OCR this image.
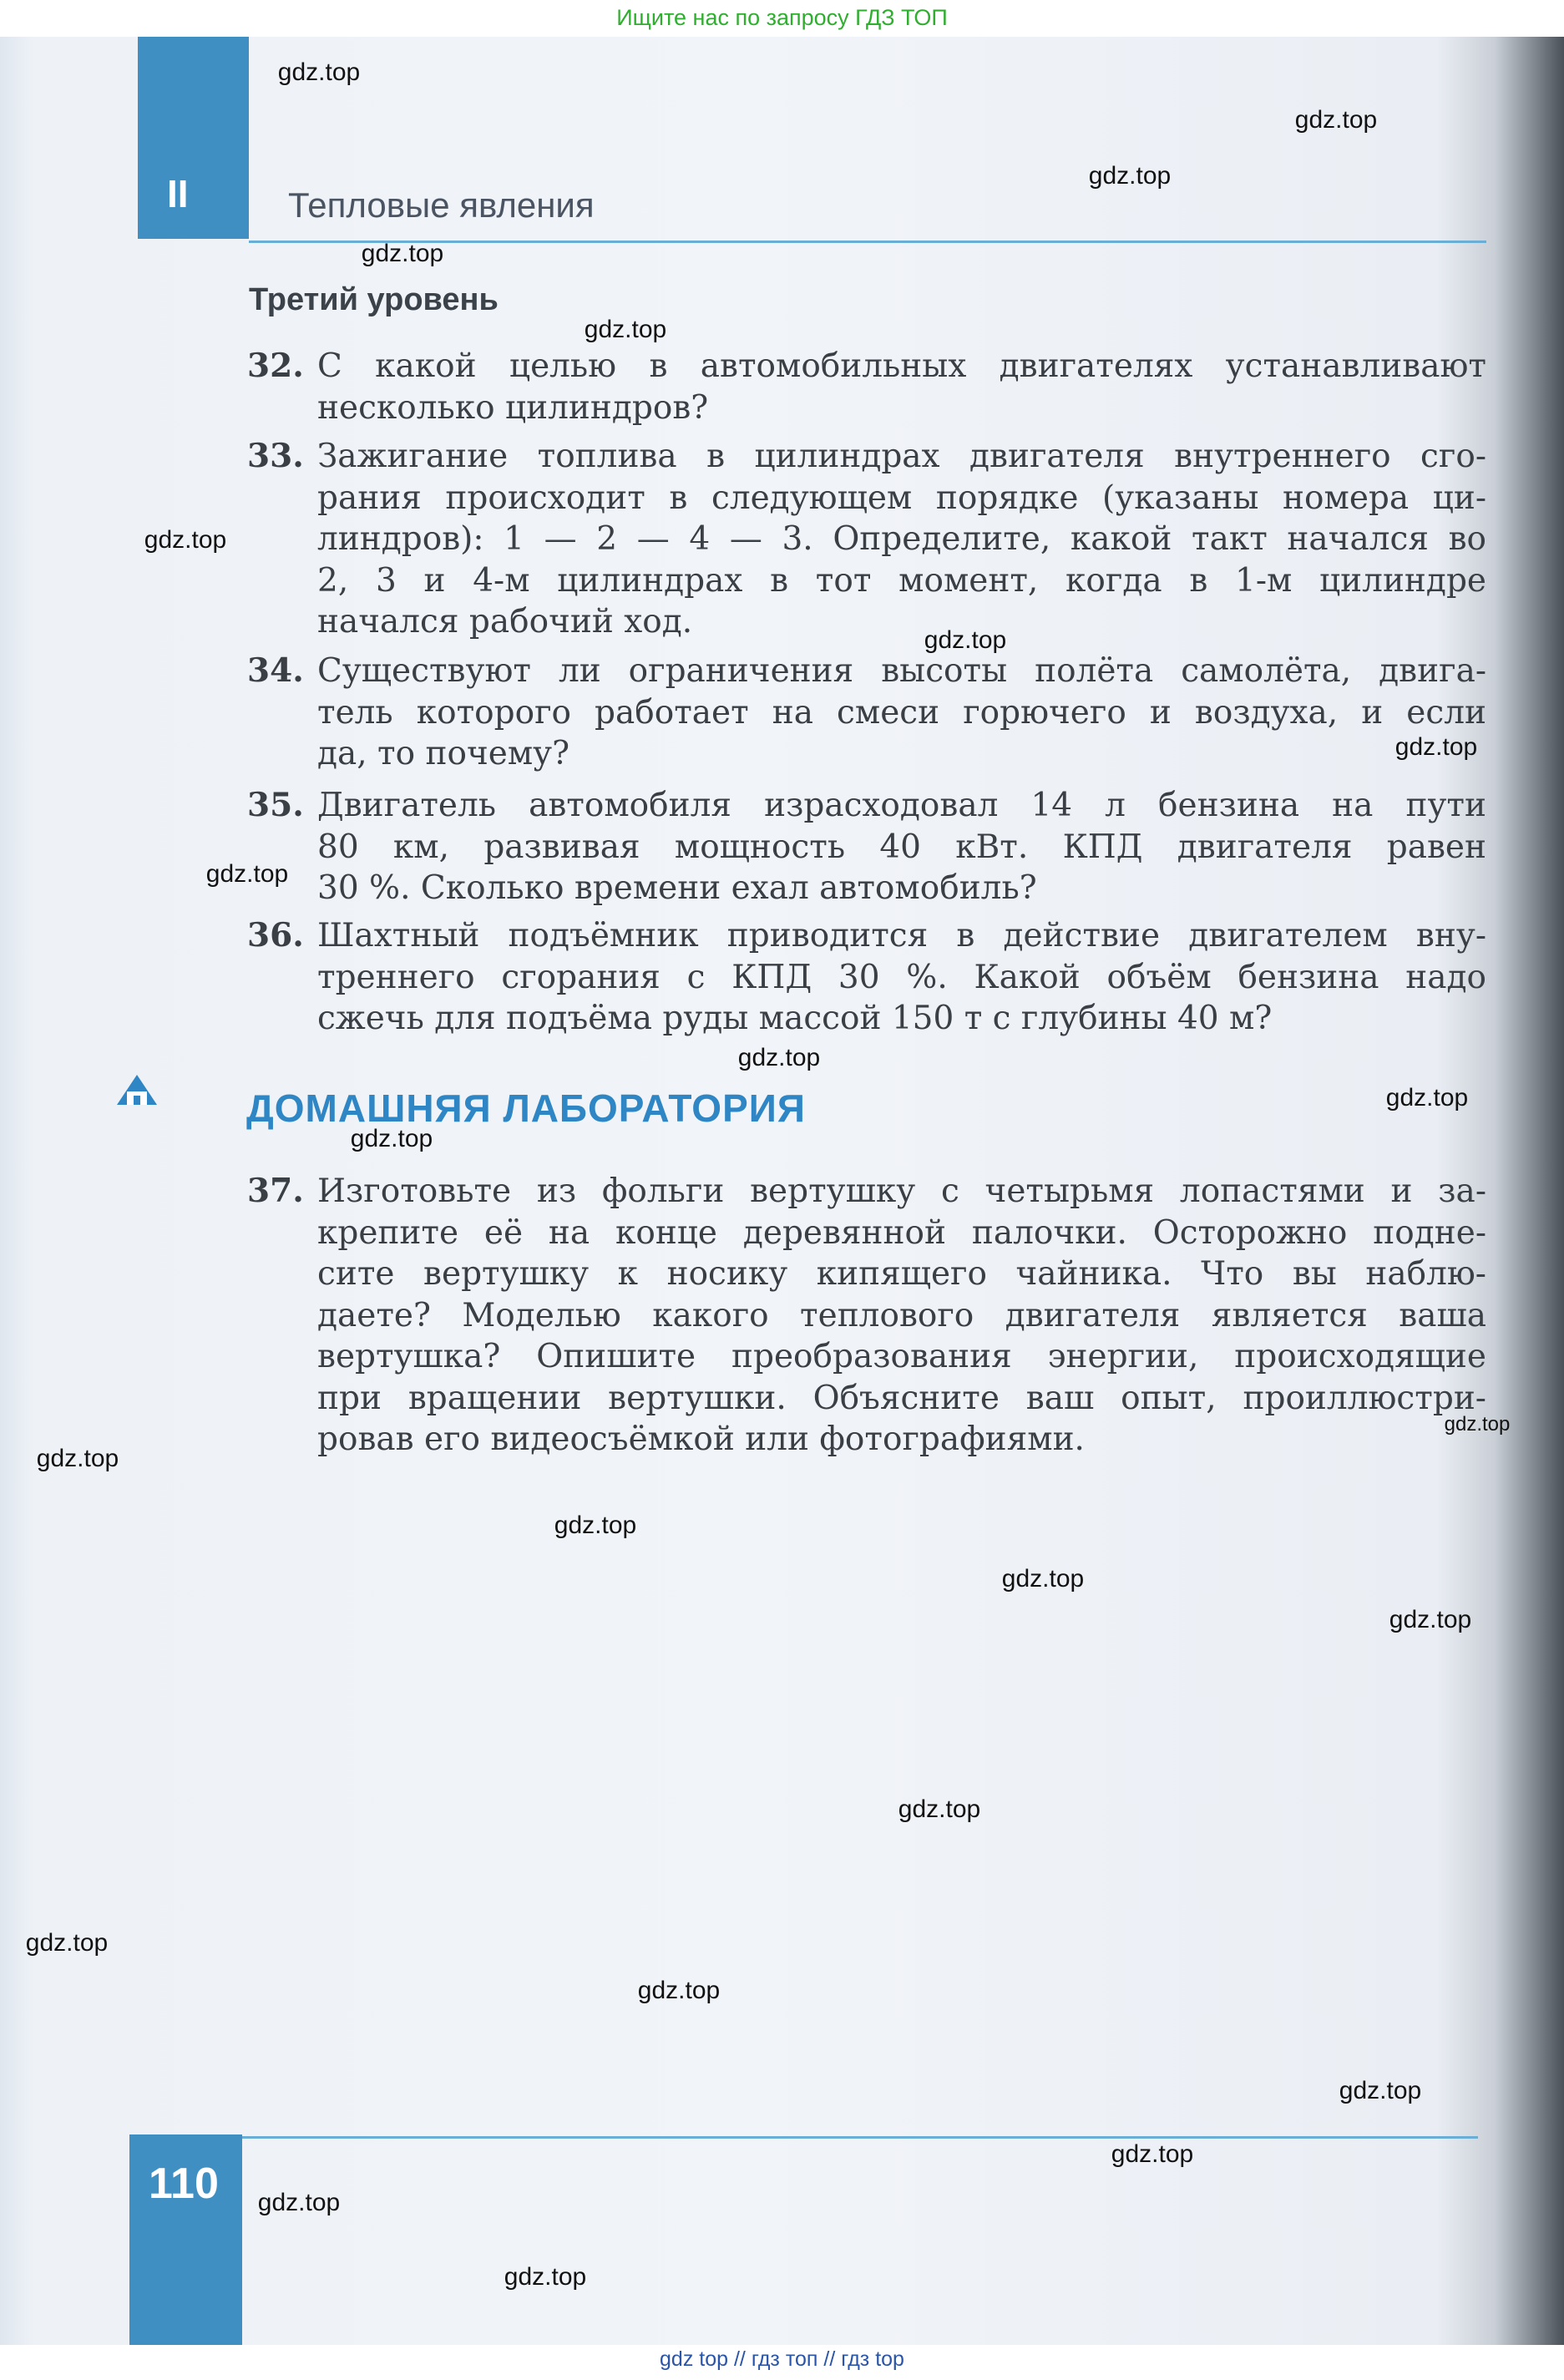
Ищите нас по запросу ГДЗ ТОП
II	Тепловые явления
Третий уровень
32. С какой целью в автомобильных двигателях устанавливают
несколько цилиндров?
33. Зажигание топлива в цилиндрах двигателя внутреннего сго-
рания происходит в следующем порядке (указаны номера ци-
линдров): 1 — 2 — 4 — 3. Определите, какой такт начался во
2, 3 и 4-м цилиндрах в тот момент, когда в 1-м цилиндре
начался рабочий ход.
34. Существуют ли ограничения высоты полёта самолёта, двига-
тель которого работает на смеси горючего и воздуха, и если
да, то почему?
35. Двигатель автомобиля израсходовал 14 л бензина на пути
80 км, развивая мощность 40 кВт. КПД двигателя равен
30 %. Сколько времени ехал автомобиль?
36. Шахтный подъёмник приводится в действие двигателем вну-
треннего сгорания с КПД 30 %. Какой объём бензина надо
сжечь для подъёма руды массой 150 т с глубины 40 м?
ДОМАШНЯЯ ЛАБОРАТОРИЯ
37. Изготовьте из фольги вертушку с четырьмя лопастями и за-
крепите её на конце деревянной палочки. Осторожно подне-
сите вертушку к носику кипящего чайника. Что вы наблю-
даете? Моделью какого теплового двигателя является ваша
вертушка? Опишите преобразования энергии, происходящие
при вращении вертушки. Объясните ваш опыт, проиллюстри-
ровав его видеосъёмкой или фотографиями.
110
gdz.top
gdz.top
gdz.top
gdz.top
gdz.top
gdz.top
gdz.top
gdz.top
gdz.top
gdz.top
gdz.top
gdz.top
gdz.top
gdz.top
gdz.top
gdz.top
gdz.top
gdz.top
gdz.top
gdz.top
gdz.top
gdz.top
gdz.top
gdz.top
gdz top // гдз топ // гдз top
